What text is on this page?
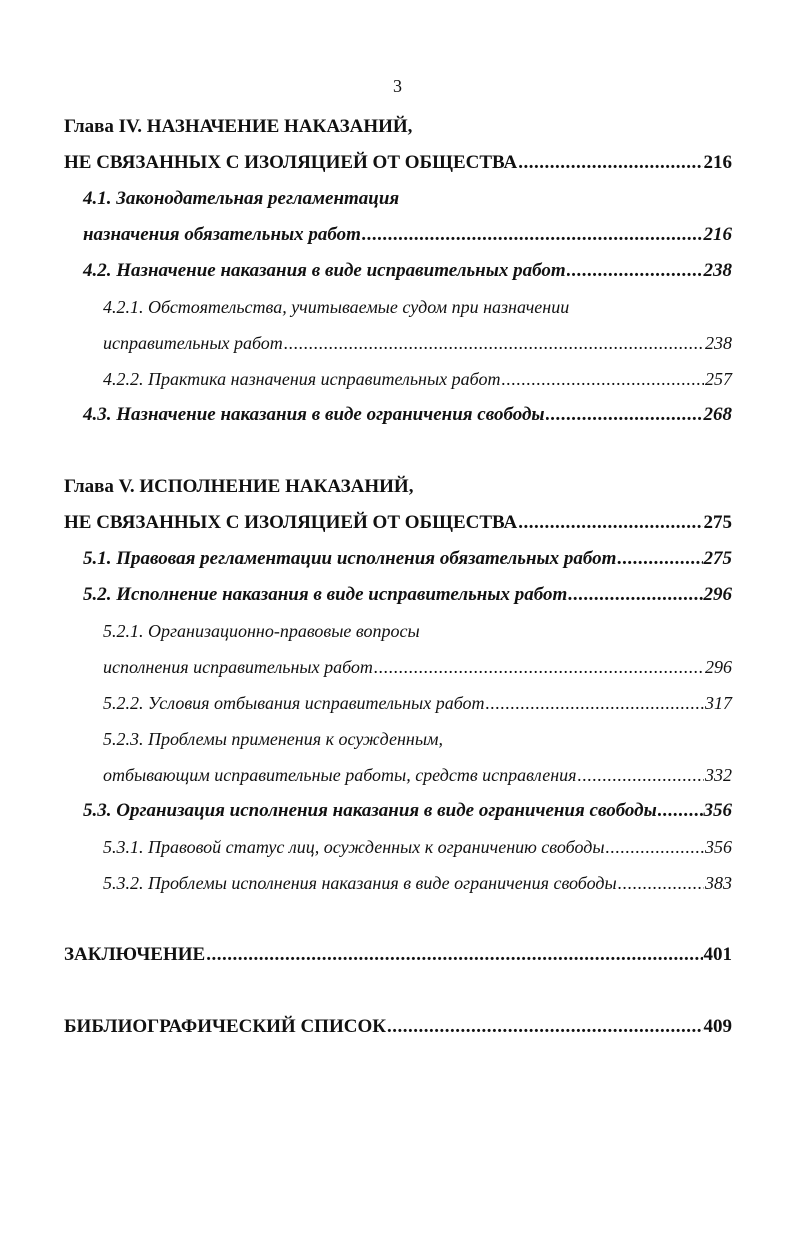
3
Глава IV. НАЗНАЧЕНИЕ НАКАЗАНИЙ,
НЕ СВЯЗАННЫХ С ИЗОЛЯЦИЕЙ ОТ ОБЩЕСТВА .....	216
4.1. Законодательная регламентация
назначения обязательных работ .....	216
4.2. Назначение наказания в виде исправительных работ .....	238
4.2.1. Обстоятельства, учитываемые судом при назначении
исправительных работ .....	238
4.2.2. Практика назначения исправительных работ .....	257
4.3. Назначение наказания в виде ограничения свободы .....	268
Глава V. ИСПОЛНЕНИЕ НАКАЗАНИЙ,
НЕ СВЯЗАННЫХ С ИЗОЛЯЦИЕЙ ОТ ОБЩЕСТВА .....	275
5.1. Правовая регламентации исполнения обязательных работ .....	275
5.2. Исполнение наказания в виде исправительных работ .....	296
5.2.1. Организационно-правовые вопросы
исполнения исправительных работ .....	296
5.2.2. Условия отбывания исправительных работ .....	317
5.2.3. Проблемы применения к осужденным,
отбывающим исправительные работы, средств исправления .....	332
5.3. Организация исполнения наказания в виде ограничения свободы ..... 356
5.3.1. Правовой статус лиц, осужденных к ограничению свободы .....	356
5.3.2. Проблемы исполнения наказания в виде ограничения свободы .....	383
ЗАКЛЮЧЕНИЕ .....	401
БИБЛИОГРАФИЧЕСКИЙ СПИСОК .....	409
